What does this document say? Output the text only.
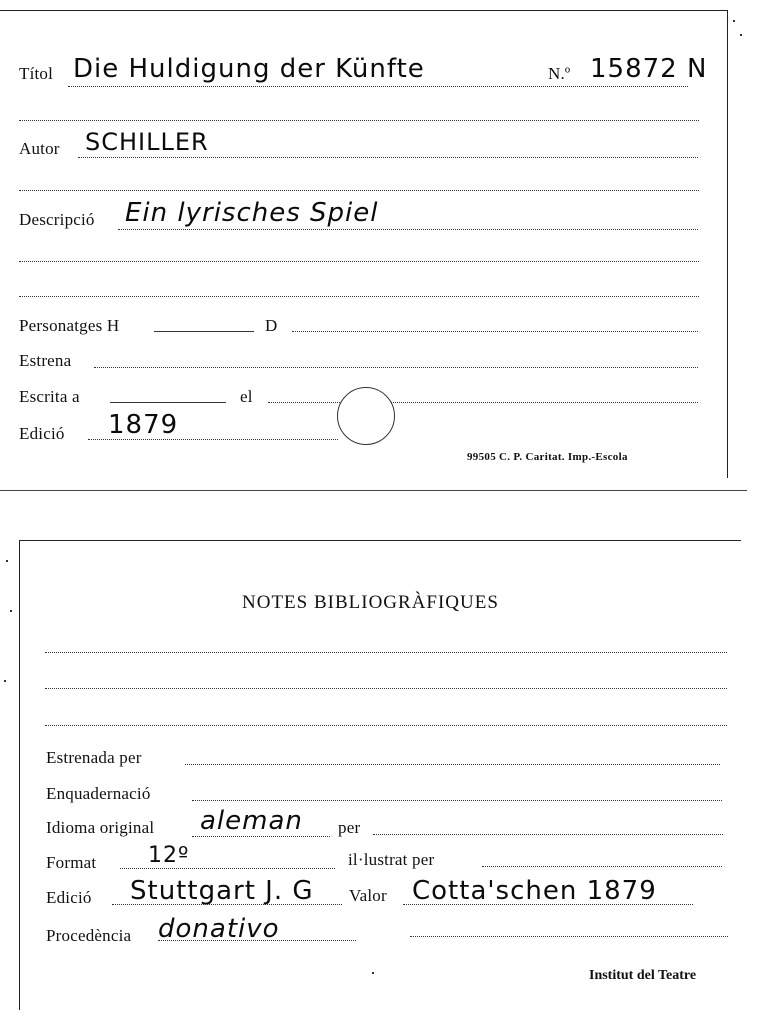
Títol Die Huldigung der Künfte	N.º 15872 N
Autor SCHILLER
Descripció Ein lyrisches Spiel
Personatges H	D
Estrena
Escrita a	el
Edició 1879
99505 C. P. Caritat. Imp.-Escola
NOTES BIBLIOGRÀFIQUES
Estrenada per
Enquadernació
Idioma original aleman per
Format 12º	il·lustrat per
Edició Stuttgart J. G Valor Cotta'schen 1879
Procedència donativo
Institut del Teatre
